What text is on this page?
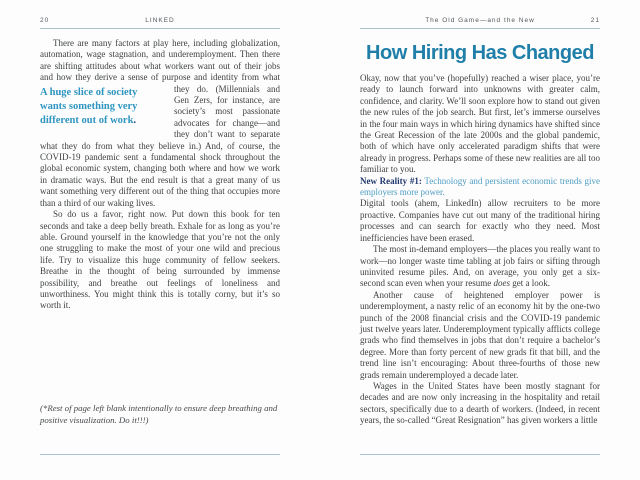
20	LINKED

There are many factors at play here, including globalization, automation, wage stagnation, and underemployment. Then there are shifting attitudes about what workers want out of their jobs and how they derive a sense of purpose and identity from what they
A huge slice of society wants something very different out of work.
do. (Millennials and Gen Zers, for instance, are society’s most passionate advocates for change—and they don’t want to separate what they do from what they believe in.) And, of course, the COVID-19 pandemic sent a fundamental shock throughout the global economic system, changing both where and how we work in dramatic ways. But the end result is that a great many of us want something very different out of the thing that occupies more than a third of our waking lives.

So do us a favor, right now. Put down this book for ten seconds and take a deep belly breath. Exhale for as long as you’re able. Ground yourself in the knowledge that you’re not the only one struggling to make the most of your one wild and precious life. Try to visualize this huge community of fellow seekers. Breathe in the thought of being surrounded by immense possibility, and breathe out feelings of loneliness and unworthiness. You might think this is totally corny, but it’s so worth it.

(*Rest of page left blank intentionally to ensure deep breathing and positive visualization. Do it!!!)
The Old Game—and the New	21
How Hiring Has Changed

Okay, now that you’ve (hopefully) reached a wiser place, you’re ready to launch forward into unknowns with greater calm, confidence, and clarity. We’ll soon explore how to stand out given the new rules of the job search. But first, let’s immerse ourselves in the four main ways in which hiring dynamics have shifted since the Great Recession of the late 2000s and the global pandemic, both of which have only accelerated paradigm shifts that were already in progress. Perhaps some of these new realities are all too familiar to you.

New Reality #1: Technology and persistent economic trends give employers more power.

Digital tools (ahem, LinkedIn) allow recruiters to be more proactive. Companies have cut out many of the traditional hiring processes and can search for exactly who they need. Most inefficiencies have been erased.

The most in-demand employers—the places you really want to work—no longer waste time tabling at job fairs or sifting through uninvited resume piles. And, on average, you only get a six-second scan even when your resume does get a look.

Another cause of heightened employer power is underemployment, a nasty relic of an economy hit by the one-two punch of the 2008 financial crisis and the COVID-19 pandemic just twelve years later. Underemployment typically afflicts college grads who find themselves in jobs that don’t require a bachelor’s degree. More than forty percent of new grads fit that bill, and the trend line isn’t encouraging: About three-fourths of those new grads remain underemployed a decade later.

Wages in the United States have been mostly stagnant for decades and are now only increasing in the hospitality and retail sectors, specifically due to a dearth of workers. (Indeed, in recent years, the so-called “Great Resignation” has given workers a little
